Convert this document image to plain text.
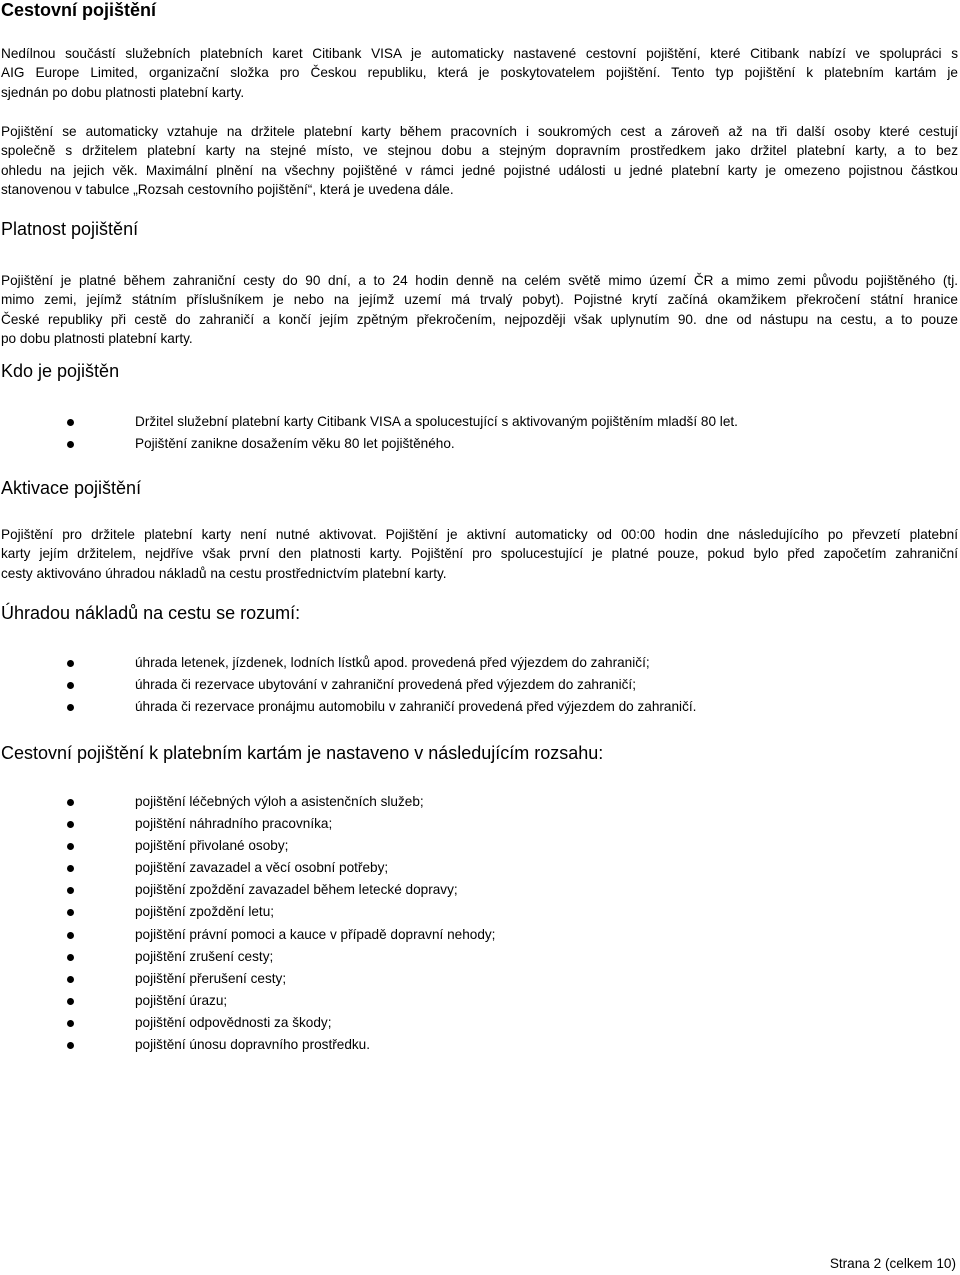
Cestovní pojištění
Nedílnou součástí služebních platebních karet Citibank VISA je automaticky nastavené cestovní pojištění, které Citibank nabízí ve spolupráci s
AIG Europe Limited, organizační složka pro Českou republiku, která je poskytovatelem pojištění. Tento typ pojištění k platebním kartám je
sjednán po dobu platnosti platební karty.
Pojištění se automaticky vztahuje na držitele platební karty během pracovních i soukromých cest a zároveň až na tři další osoby které cestují
společně s držitelem platební karty na stejné místo, ve stejnou dobu a stejným dopravním prostředkem jako držitel platební karty, a to bez
ohledu na jejich věk. Maximální plnění na všechny pojištěné v rámci jedné pojistné události u jedné platební karty je omezeno pojistnou částkou
stanovenou v tabulce „Rozsah cestovního pojištění“, která je uvedena dále.
Platnost pojištění
Pojištění je platné během zahraniční cesty do 90 dní, a to 24 hodin denně na celém světě mimo území ČR a mimo zemi původu pojištěného (tj.
mimo zemi, jejímž státním příslušníkem je nebo na jejímž uzemí má trvalý pobyt). Pojistné krytí začíná okamžikem překročení státní hranice
České republiky při cestě do zahraničí a končí jejím zpětným překročením, nejpozději však uplynutím 90. dne od nástupu na cestu, a to pouze
po dobu platnosti platební karty.
Kdo je pojištěn
Držitel služební platební karty Citibank VISA a spolucestující s aktivovaným pojištěním mladší 80 let.
Pojištění zanikne dosažením věku 80 let pojištěného.
Aktivace pojištění
Pojištění pro držitele platební karty není nutné aktivovat. Pojištění je aktivní automaticky od 00:00 hodin dne následujícího po převzetí platební
karty jejím držitelem, nejdříve však první den platnosti karty. Pojištění pro spolucestující je platné pouze, pokud bylo před započetím zahraniční
cesty aktivováno úhradou nákladů na cestu prostřednictvím platební karty.
Úhradou nákladů na cestu se rozumí:
úhrada letenek, jízdenek, lodních lístků apod. provedená před výjezdem do zahraničí;
úhrada či rezervace ubytování v zahraniční provedená před výjezdem do zahraničí;
úhrada či rezervace pronájmu automobilu v zahraničí provedená před výjezdem do zahraničí.
Cestovní pojištění k platebním kartám je nastaveno v následujícím rozsahu:
pojištění léčebných výloh a asistenčních služeb;
pojištění náhradního pracovníka;
pojištění přivolané osoby;
pojištění zavazadel a věcí osobní potřeby;
pojištění zpoždění zavazadel během letecké dopravy;
pojištění zpoždění letu;
pojištění právní pomoci a kauce v případě dopravní nehody;
pojištění zrušení cesty;
pojištění přerušení cesty;
pojištění úrazu;
pojištění odpovědnosti za škody;
pojištění únosu dopravního prostředku.
Strana 2 (celkem 10)
